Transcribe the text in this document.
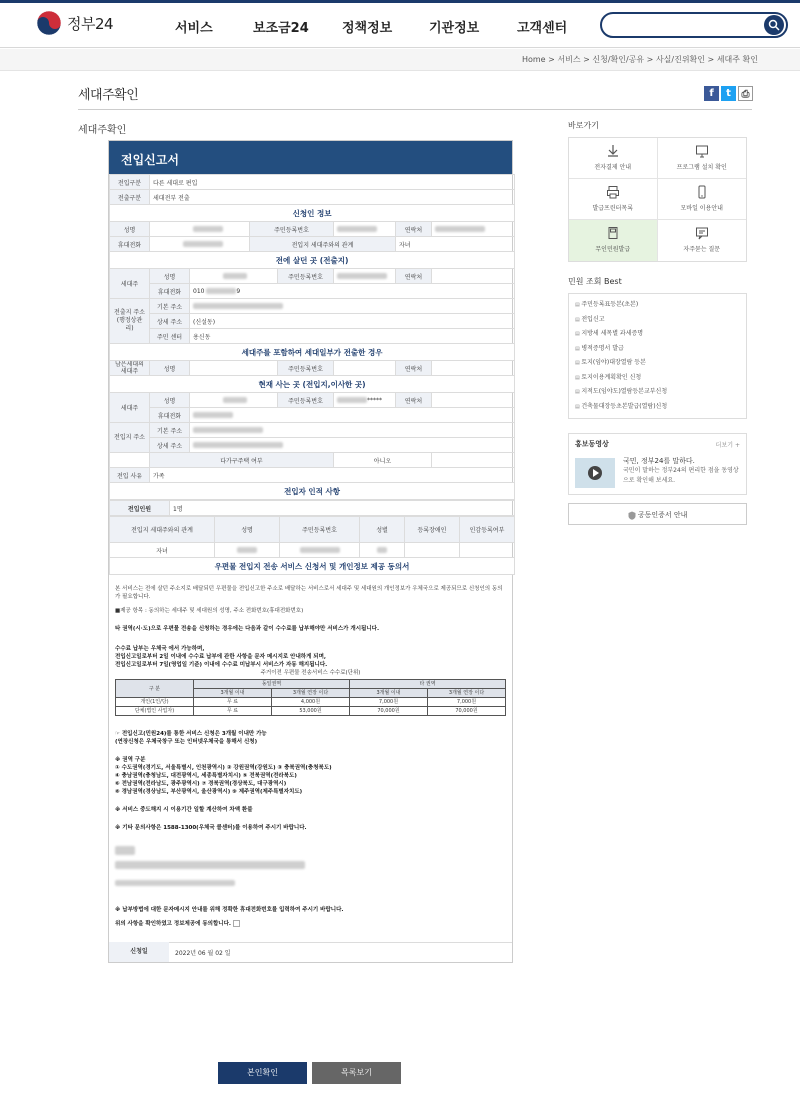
정부24	서비스	보조금24	정책정보	기관정보	고객센터
Home > 서비스 > 신청/확인/공유 > 사실/진위확인 > 세대주 확인
세대주확인	f	t	⎙
세대주확인
전입신고서
전입구분	다른 세대로 편입						
전출구분	세대전부 전출						
신청인 정보							
성명			주민등록번호			연락처	
휴대전화			전입지 세대주와의 관계			자녀	
전에 살던 곳 (전출지)							
세대주	성명			주민등록번호		연락처	
	휴대전화	010 9					
전출지 주소 (행정상관리)	기본 주소						
	상세 주소	(신설동)					
	주민 센터	용신동					
세대주를 포함하여 세대일부가 전출한 경우							
남은세대의세대주	성명			주민등록번호		연락처	
현재 사는 곳 (전입지,이사한 곳)							
세대주	성명			주민등록번호	*****	연락처	
	휴대전화						
전입지 주소	기본 주소						
	상세 주소						
	다가구주택 여부				아니오		
전입 사유	가족						
전입자 인적 사항							
전입인원	1명
전입지 세대주와의 관계	성명	주민등록번호	성별	등록장애인	인감등록여부
자녀					
우편물 전입지 전송 서비스 신청서 및 개인정보 제공 동의서					

본 서비스는 전에 살던 주소지로 배달되던 우편물을 전입신고한 주소로 배달하는 서비스로서 세대주 및 세대원의 개인정보가 우체국으로 제공되므로 신청인의 동의가 필요합니다.

■제공 항목 : 동의하는 세대주 및 세대원의 성명, 주소 전화번호(휴대전화번호)

타 권역(시·도)으로 우편물 전송을 신청하는 경우에는 다음과 같이 수수료를 납부해야만 서비스가 개시됩니다.

수수료 납부는 우체국 에서 가능하며,
전입신고일로부터 2일 이내에 수수료 납부에 관한 사항을 문자 메시지로 안내하게 되며,
전입신고일로부터 7일(영업일 기준) 이내에 수수료 미납부시 서비스가 자동 해지됩니다.
주거이전 우편물 전송서비스 수수료(단위)
구 분	동일권역		타 권역	
	3개월 이내	3개월 연장 이다	3개월 이내	3개월 연장 이다
개인(1인/당)	무 료	4,000원	7,000원	7,000원
단체(법인 사업자)	무 료	53,000원	70,000원	70,000원
☞ 전입신고(민원24)를 통한 서비스 신청은 3개월 이내만 가능

(연장신청은 우체국창구 또는 인터넷우체국을 통해서 신청)

※ 권역 구분
① 수도권역(경기도, 서울특별시, 인천광역시) ② 강원권역(강원도) ③ 충북권역(충청북도)
④ 충남권역(충청남도, 대전광역시, 세종특별자치시) ⑤ 전북권역(전라북도)
⑥ 전남권역(전라남도, 광주광역시) ⑦ 경북권역(경상북도, 대구광역시)

⑧ 경남권역(경상남도, 부산광역시, 울산광역시) ⑨ 제주권역(제주특별자치도)

※ 서비스 중도해지 시 이용기간 일할 계산하여 차액 환불

※ 기타 문의사항은 1588-1300(우체국 콜센터)를 이용하여 주시기 바랍니다.

※ 납부방법에 대한 문자메시지 안내를 위해 정확한 휴대전화번호를 입력하여 주시기 바랍니다.
위의 사항을 확인하였고 정보제공에 동의합니다.
신청일	2022년 06 월 02 일
본인확인	목록보기
바로가기
전자결제 안내	프로그램 설치 확인
발급프린터목록	모바일 이용안내
무인민원발급	자주묻는 질문
민원 조회 Best
▤ 주민등록표등본(초본)
▤ 전입신고
▤ 지방세 세목별 과세증명
▤ 병적증명서 발급
▤ 토지(임야)대장열람 등본
▤ 토지이용계획확인 신청
▤ 지적도(임야도)열람등본교부신청
▤ 건축물대장등초본발급(열람)신청
홍보동영상	더보기 +
국민, 정부24를 말하다.
국민이 말하는 정부24의 편리한 점을 동영상으로 확인해 보세요.
공동인증서 안내
